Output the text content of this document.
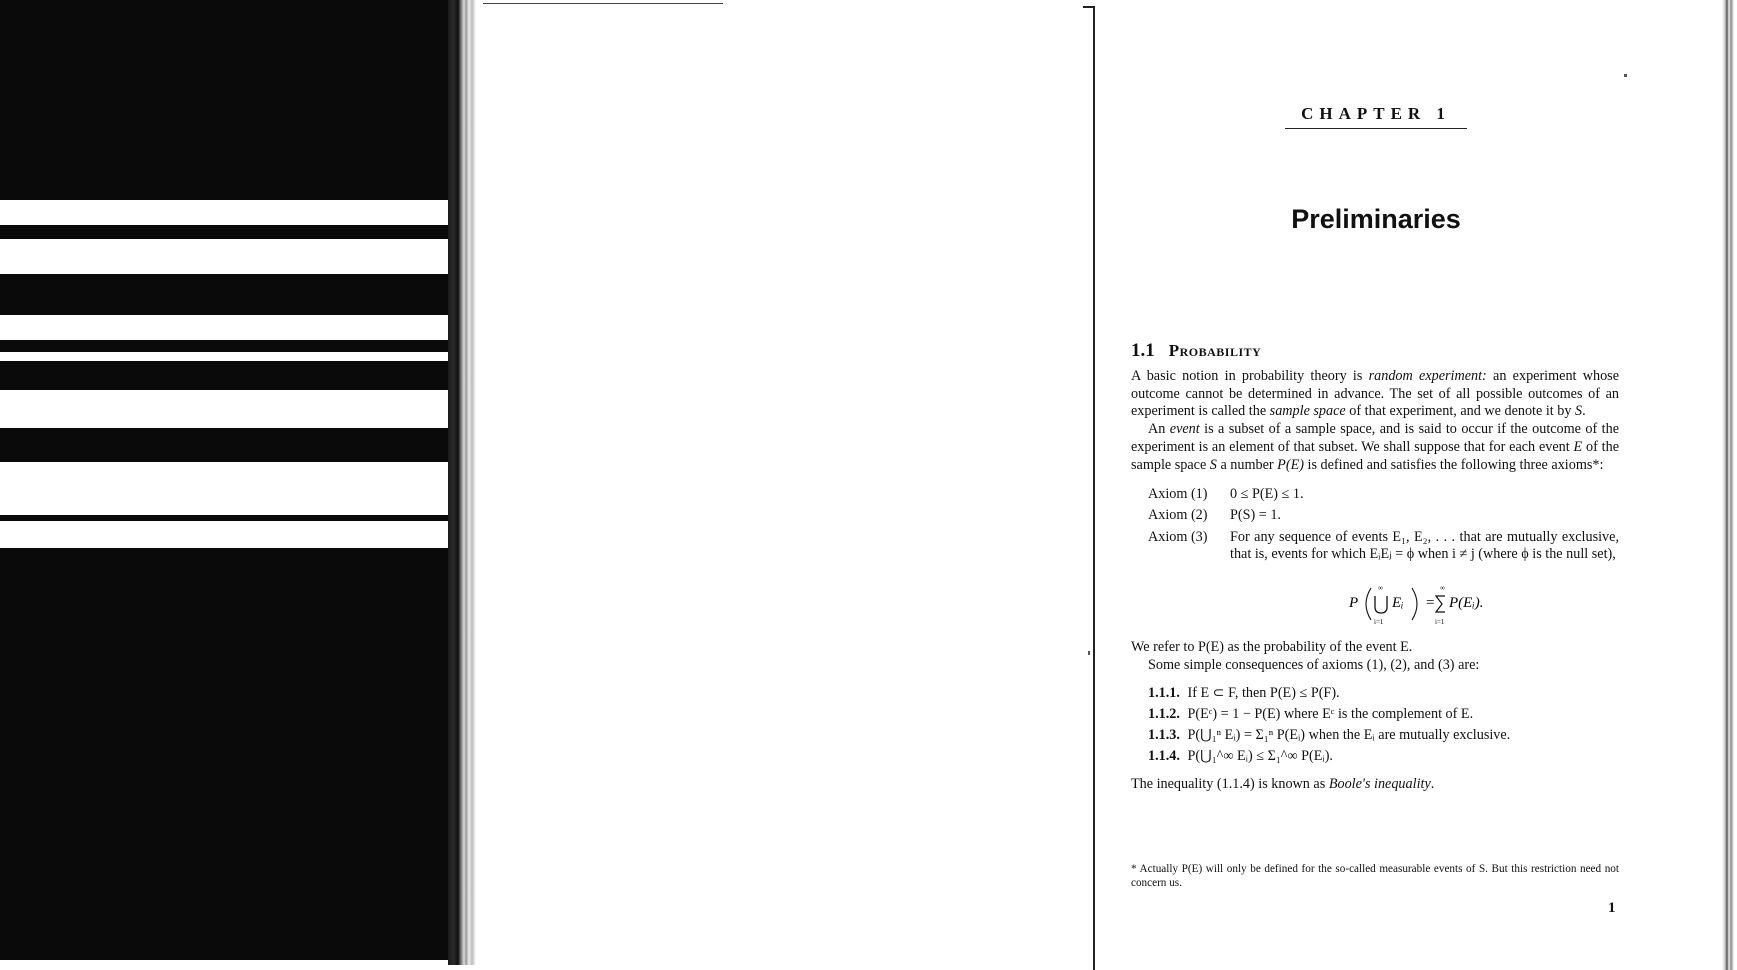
CHAPTER 1
Preliminaries
1.1 Probability

A basic notion in probability theory is random experiment: an experiment whose outcome cannot be determined in advance. The set of all possible outcomes of an experiment is called the sample space of that experiment, and we denote it by S.

An event is a subset of a sample space, and is said to occur if the outcome of the experiment is an element of that subset. We shall suppose that for each event E of the sample space S a number P(E) is defined and satisfies the following three axioms*:

Axiom (1)	0 ≤ P(E) ≤ 1.
Axiom (2)	P(S) = 1.
Axiom (3)	For any sequence of events E₁, E₂, . . . that are mutually exclusive, that is, events for which EᵢEⱼ = ϕ when i ≠ j (where ϕ is the null set),
P
∞
i=1
Eᵢ =
∞
i=1
P(Eᵢ).

We refer to P(E) as the probability of the event E.

Some simple consequences of axioms (1), (2), and (3) are:

1.1.1. If E ⊂ F, then P(E) ≤ P(F).
1.1.2. P(Eᶜ) = 1 − P(E) where Eᶜ is the complement of E.
1.1.3. P(⋃₁ⁿ Eᵢ) = Σ₁ⁿ P(Eᵢ) when the Eᵢ are mutually exclusive.
1.1.4. P(⋃₁^∞ Eᵢ) ≤ Σ₁^∞ P(Eᵢ).

The inequality (1.1.4) is known as Boole's inequality.

* Actually P(E) will only be defined for the so-called measurable events of S. But this restriction need not concern us.
1
